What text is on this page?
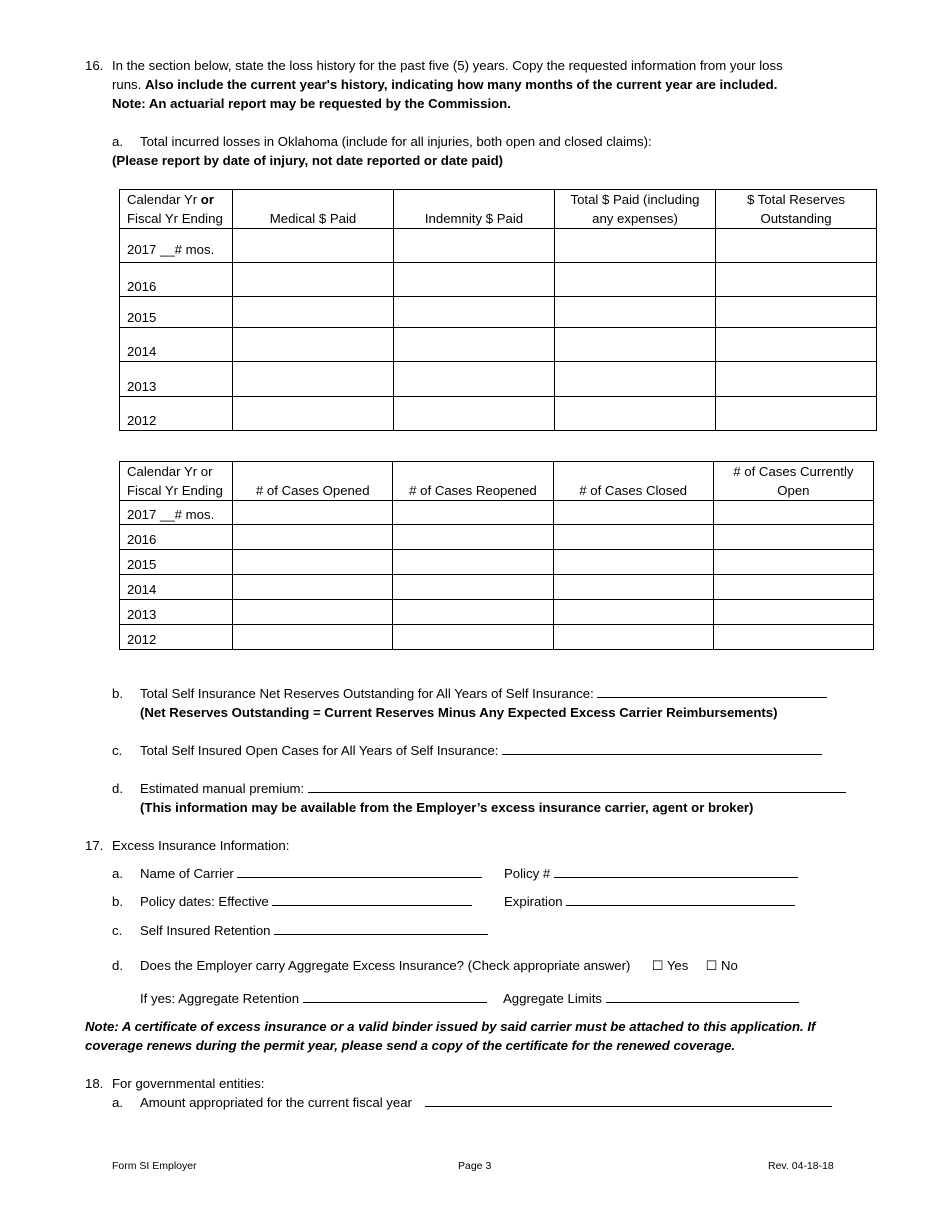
16. In the section below, state the loss history for the past five (5) years. Copy the requested information from your loss
runs. Also include the current year's history, indicating how many months of the current year are included.
Note: An actuarial report may be requested by the Commission.
a. Total incurred losses in Oklahoma (include for all injuries, both open and closed claims):
(Please report by date of injury, not date reported or date paid)
Calendar Yr or
Fiscal Yr Ending	Medical $ Paid	Indemnity $ Paid	Total $ Paid (including
any expenses)	$ Total Reserves
Outstanding
2017 __# mos.				
2016				
2015				
2014				
2013				
2012				
Calendar Yr or
Fiscal Yr Ending	# of Cases Opened	# of Cases Reopened	# of Cases Closed	# of Cases Currently
Open
2017 __# mos.				
2016				
2015				
2014				
2013				
2012				
b. Total Self Insurance Net Reserves Outstanding for All Years of Self Insurance:
(Net Reserves Outstanding = Current Reserves Minus Any Expected Excess Carrier Reimbursements)
c. Total Self Insured Open Cases for All Years of Self Insurance:
d. Estimated manual premium:
(This information may be available from the Employer’s excess insurance carrier, agent or broker)
17. Excess Insurance Information:
a. Name of Carrier	Policy #
b. Policy dates: Effective	Expiration
c. Self Insured Retention
d. Does the Employer carry Aggregate Excess Insurance? (Check appropriate answer) ☐ Yes ☐ No
If yes: Aggregate Retention	Aggregate Limits
Note: A certificate of excess insurance or a valid binder issued by said carrier must be attached to this application. If
coverage renews during the permit year, please send a copy of the certificate for the renewed coverage.
18. For governmental entities:
a. Amount appropriated for the current fiscal year
Form SI Employer	Page 3	Rev. 04-18-18
